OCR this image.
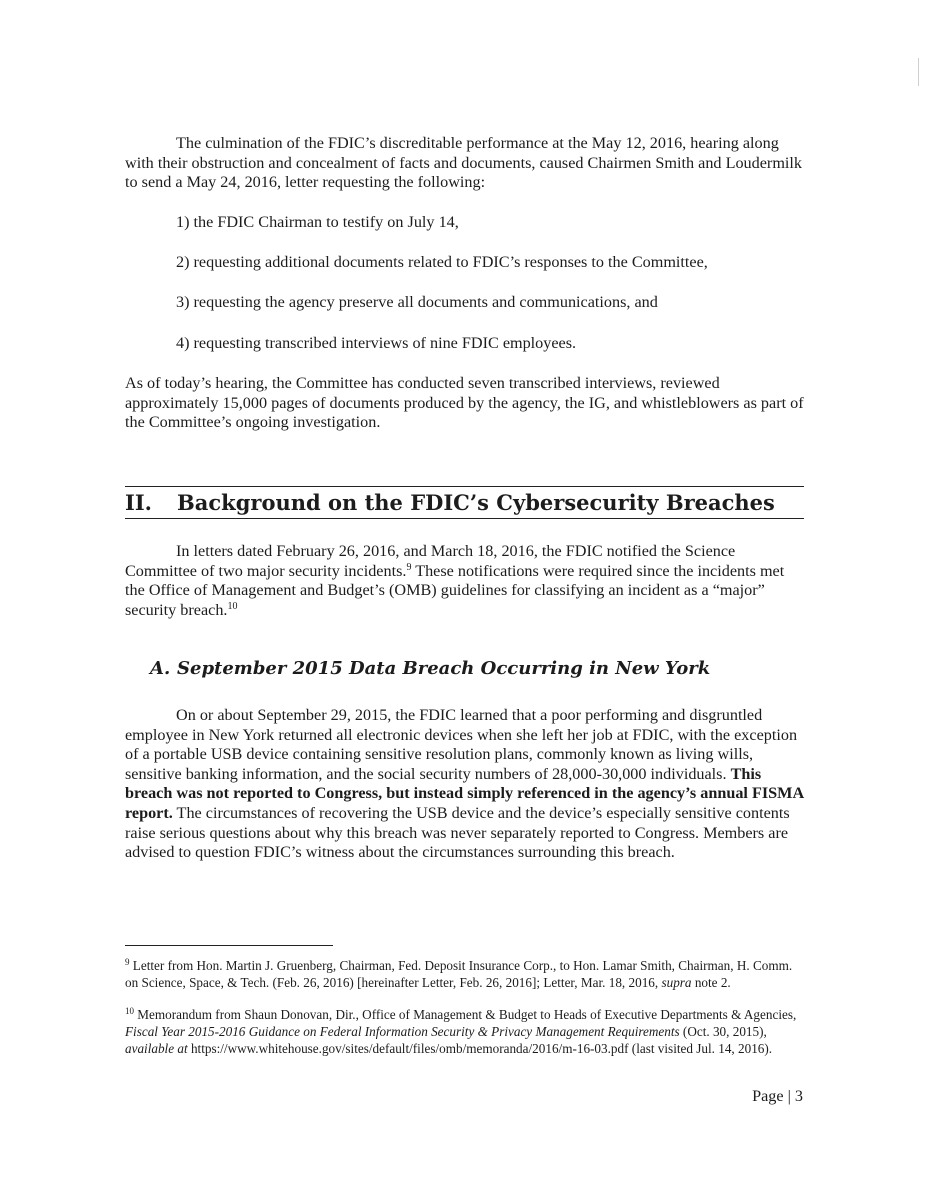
The culmination of the FDIC’s discreditable performance at the May 12, 2016, hearing along with their obstruction and concealment of facts and documents, caused Chairmen Smith and Loudermilk to send a May 24, 2016, letter requesting the following:

1) the FDIC Chairman to testify on July 14,

2) requesting additional documents related to FDIC’s responses to the Committee,

3) requesting the agency preserve all documents and communications, and

4) requesting transcribed interviews of nine FDIC employees.

As of today’s hearing, the Committee has conducted seven transcribed interviews, reviewed approximately 15,000 pages of documents produced by the agency, the IG, and whistleblowers as part of the Committee’s ongoing investigation.

II. Background on the FDIC’s Cybersecurity Breaches

In letters dated February 26, 2016, and March 18, 2016, the FDIC notified the Science Committee of two major security incidents.$^9$ These notifications were required since the incidents met the Office of Management and Budget’s (OMB) guidelines for classifying an incident as a “major” security breach.$^{10}$

A. September 2015 Data Breach Occurring in New York

On or about September 29, 2015, the FDIC learned that a poor performing and disgruntled employee in New York returned all electronic devices when she left her job at FDIC, with the exception of a portable USB device containing sensitive resolution plans, commonly known as living wills, sensitive banking information, and the social security numbers of 28,000-30,000 individuals. This breach was not reported to Congress, but instead simply referenced in the agency’s annual FISMA report. The circumstances of recovering the USB device and the device’s especially sensitive contents raise serious questions about why this breach was never separately reported to Congress. Members are advised to question FDIC’s witness about the circumstances surrounding this breach.

$^9$ Letter from Hon. Martin J. Gruenberg, Chairman, Fed. Deposit Insurance Corp., to Hon. Lamar Smith, Chairman, H. Comm. on Science, Space, & Tech. (Feb. 26, 2016) [hereinafter Letter, Feb. 26, 2016]; Letter, Mar. 18, 2016, supra note 2.

$^{10}$ Memorandum from Shaun Donovan, Dir., Office of Management & Budget to Heads of Executive Departments & Agencies, Fiscal Year 2015-2016 Guidance on Federal Information Security & Privacy Management Requirements (Oct. 30, 2015), available at https://www.whitehouse.gov/sites/default/files/omb/memoranda/2016/m-16-03.pdf (last visited Jul. 14, 2016).

Page | 3
